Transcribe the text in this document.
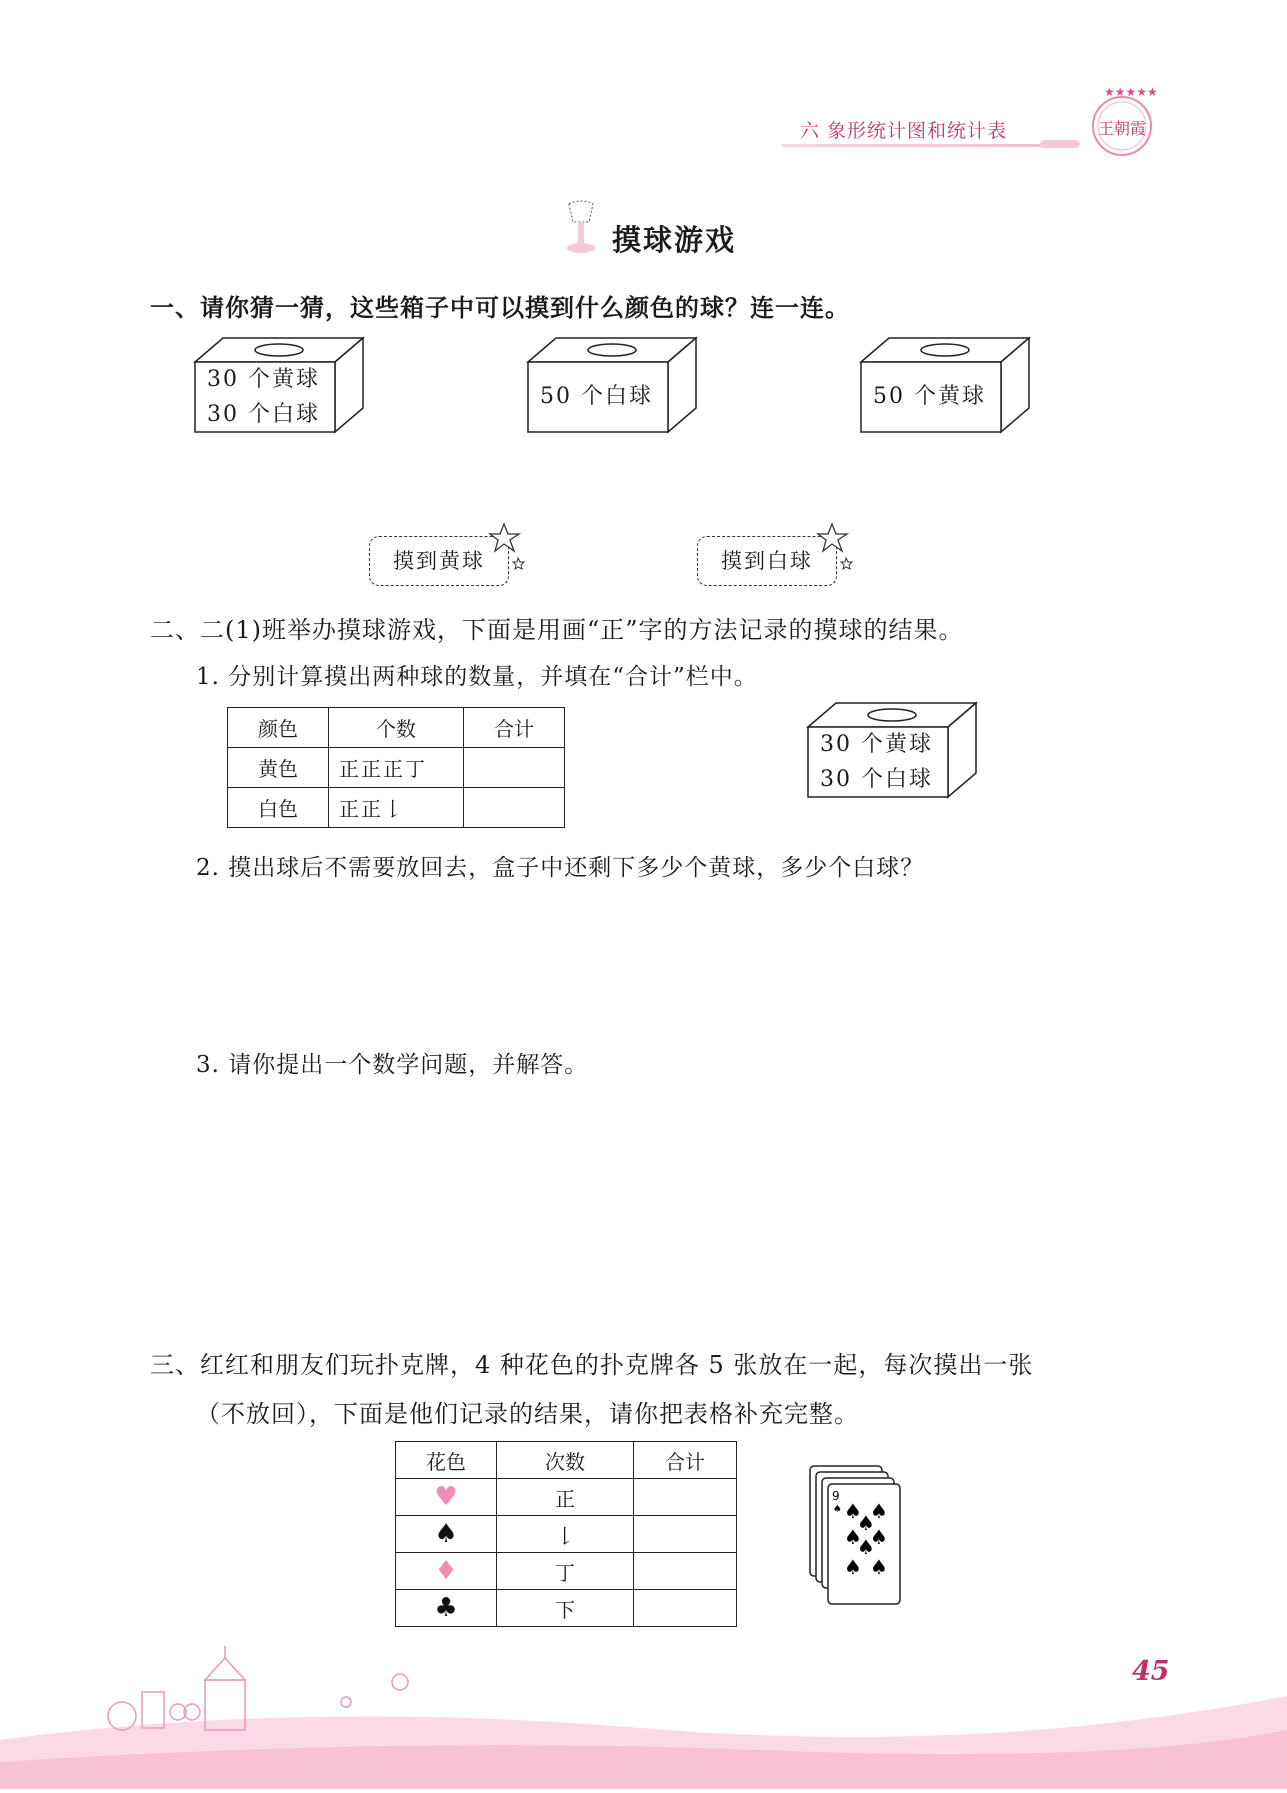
六 象形统计图和统计表
★★★★★
王朝霞
摸球游戏
一、请你猜一猜，这些箱子中可以摸到什么颜色的球？连一连。
30 个黄球
30 个白球
50 个白球	50 个黄球
摸到黄球	摸到白球
二、二(1)班举办摸球游戏，下面是用画“正”字的方法记录的摸球的结果。
1. 分别计算摸出两种球的数量，并填在“合计”栏中。
颜色	个数	合计
黄色	正正正丁	
白色	正正𠄌	
30 个黄球
30 个白球
2. 摸出球后不需要放回去，盒子中还剩下多少个黄球，多少个白球？
3. 请你提出一个数学问题，并解答。
三、红红和朋友们玩扑克牌，4 种花色的扑克牌各 5 张放在一起，每次摸出一张
（不放回），下面是他们记录的结果，请你把表格补充完整。
花色	次数	合计
♥	正	
♠	𠄌	
♦	丁	
♣	下	
9
♠ ♠ ♠
♠
♠
♠
♠ ♠
♠
45
